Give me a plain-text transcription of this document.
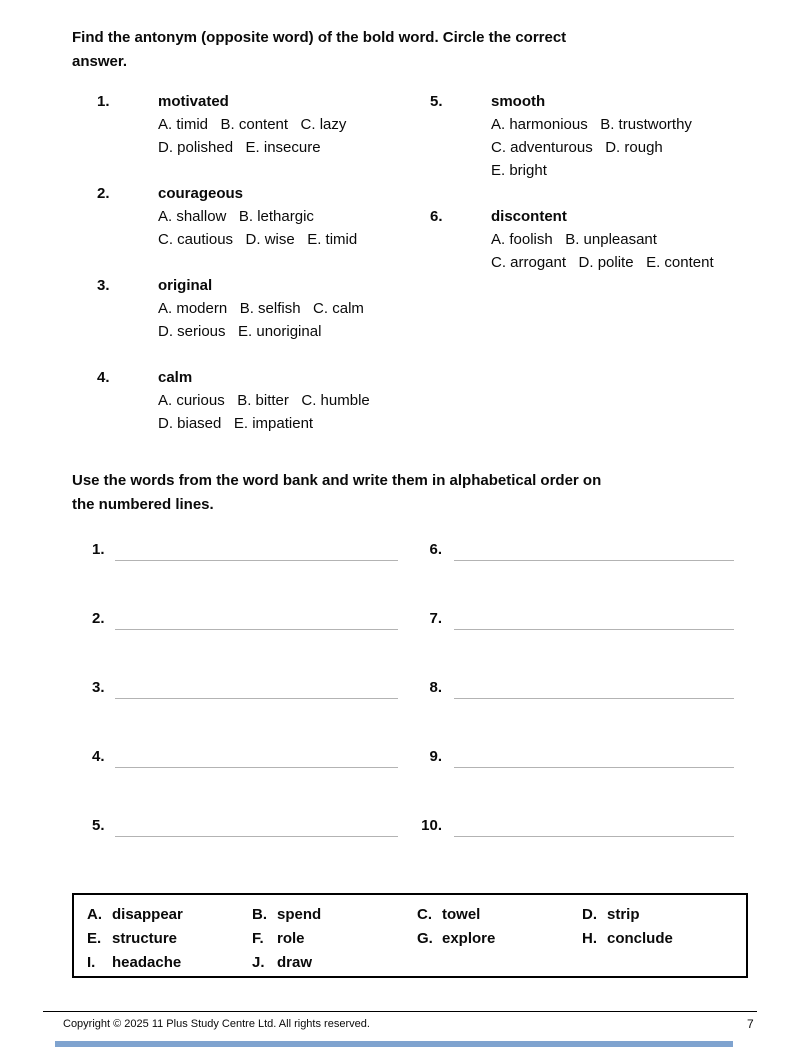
Find the antonym (opposite word) of the bold word. Circle the correct
answer.
1.	motivated
A. timid   B. content   C. lazy
D. polished   E. insecure
2.	courageous
A. shallow   B. lethargic
C. cautious   D. wise   E. timid
3.	original
A. modern   B. selfish   C. calm
D. serious   E. unoriginal
4.	calm
A. curious   B. bitter   C. humble
D. biased   E. impatient
5.	smooth
A. harmonious   B. trustworthy
C. adventurous   D. rough
E. bright
6.	discontent
A. foolish   B. unpleasant
C. arrogant   D. polite   E. content
Use the words from the word bank and write them in alphabetical order on
the numbered lines.
1.
2.
3.
4.
5.
6.
7.
8.
9.
10.
A. disappear	B. spend	C. towel	D. strip
E. structure	F. role	G. explore	H. conclude
I.	headache	J. draw
Copyright © 2025 11 Plus Study Centre Ltd. All rights reserved.	7
